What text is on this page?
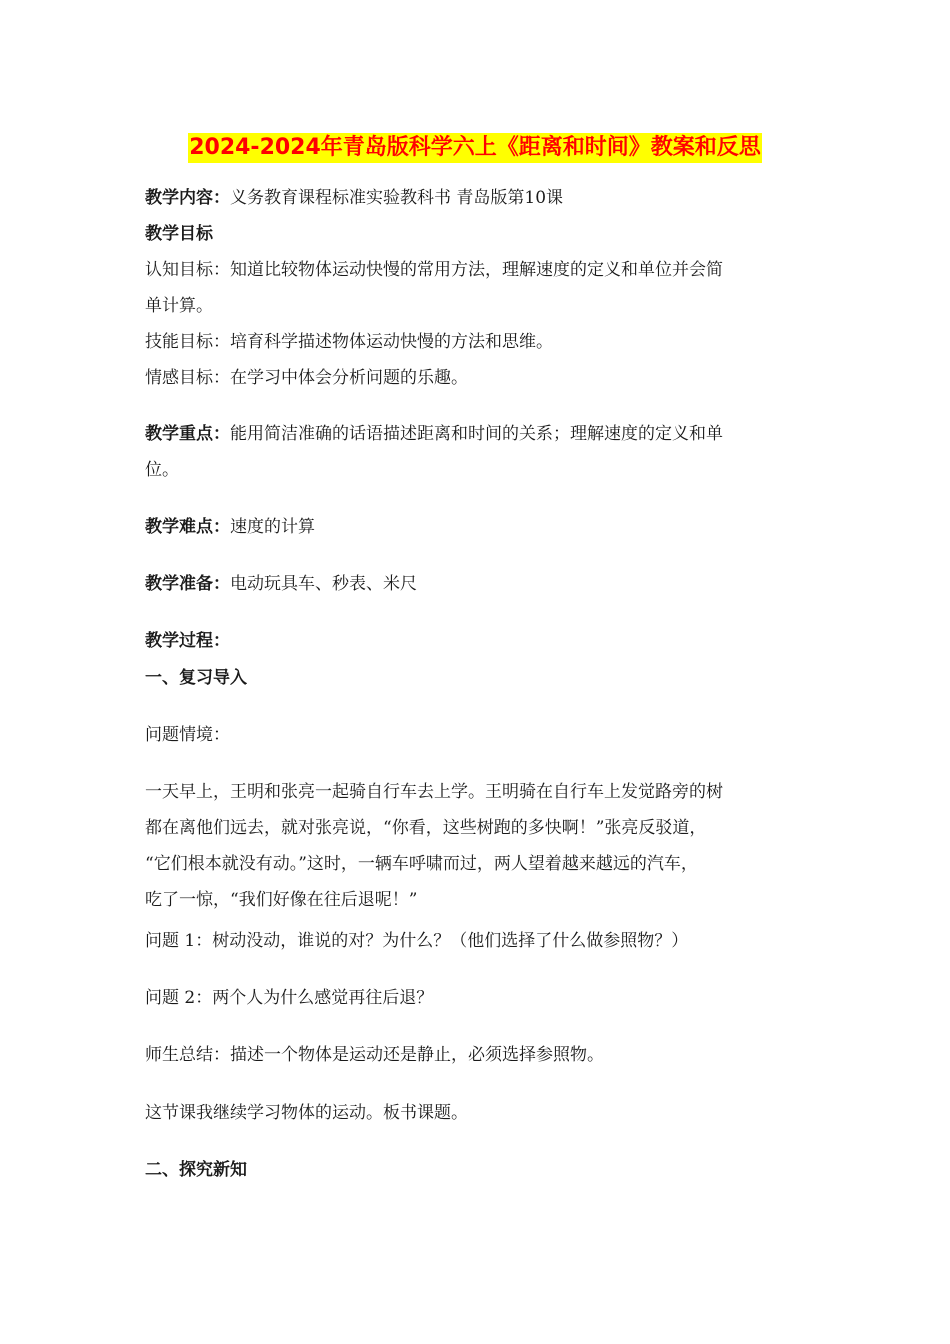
2024-2024年青岛版科学六上《距离和时间》教案和反思
教学内容：义务教育课程标准实验教科书 青岛版第10课
教学目标
认知目标：知道比较物体运动快慢的常用方法，理解速度的定义和单位并会简
单计算。
技能目标：培育科学描述物体运动快慢的方法和思维。
情感目标：在学习中体会分析问题的乐趣。
教学重点：能用简洁准确的话语描述距离和时间的关系；理解速度的定义和单
位。
教学难点：速度的计算
教学准备：电动玩具车、秒表、米尺
教学过程：
一、复习导入
问题情境：
一天早上，王明和张亮一起骑自行车去上学。王明骑在自行车上发觉路旁的树
都在离他们远去，就对张亮说，“你看，这些树跑的多快啊！”张亮反驳道，
“它们根本就没有动。”这时，一辆车呼啸而过，两人望着越来越远的汽车，
吃了一惊，“我们好像在往后退呢！”
问题 1：树动没动，谁说的对？为什么？（他们选择了什么做参照物？）
问题 2：两个人为什么感觉再往后退？
师生总结：描述一个物体是运动还是静止，必须选择参照物。
这节课我继续学习物体的运动。板书课题。
二、探究新知
